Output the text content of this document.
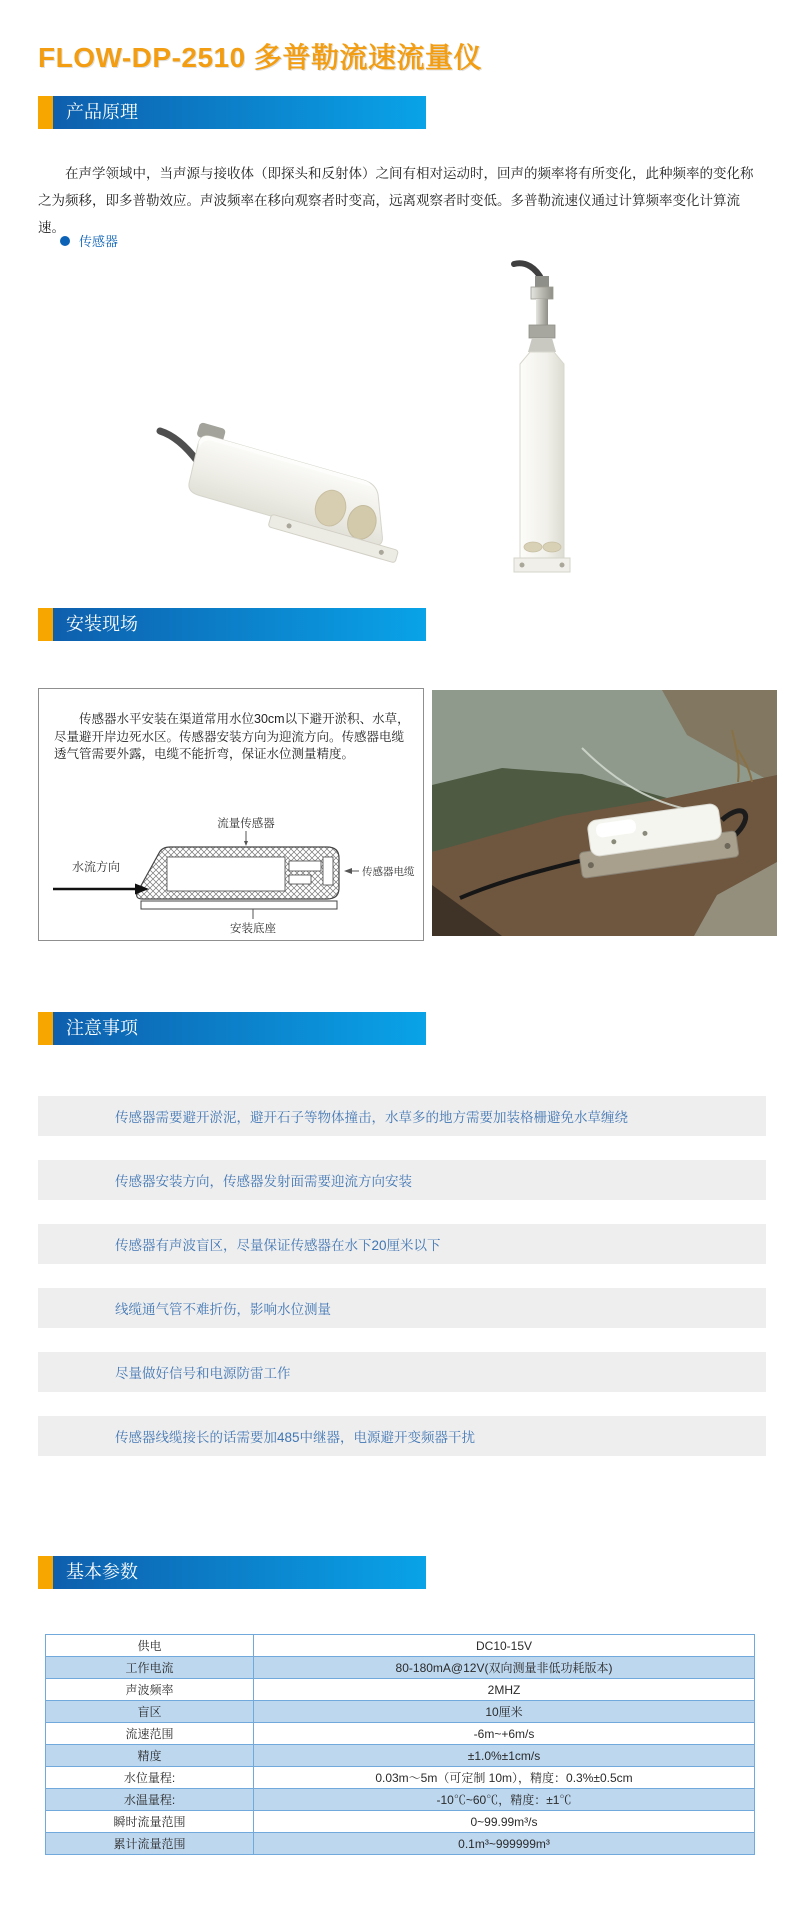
FLOW-DP-2510 多普勒流速流量仪
产品原理

在声学领域中，当声源与接收体（即探头和反射体）之间有相对运动时，回声的频率将有所变化，此种频率的变化称之为频移，即多普勒效应。声波频率在移向观察者时变高，远离观察者时变低。多普勒流速仪通过计算频率变化计算流速。

传感器
安装现场

传感器水平安装在渠道常用水位30cm以下避开淤积、水草，尽量避开岸边死水区。传感器安装方向为迎流方向。传感器电缆透气管需要外露，电缆不能折弯，保证水位测量精度。

流量传感器
安装底座
水流方向	传感器电缆
注意事项
传感器需要避开淤泥，避开石子等物体撞击，水草多的地方需要加装格栅避免水草缠绕
传感器安装方向，传感器发射面需要迎流方向安装
传感器有声波盲区，尽量保证传感器在水下20厘米以下
线缆通气管不难折伤，影响水位测量
尽量做好信号和电源防雷工作
传感器线缆接长的话需要加485中继器，电源避开变频器干扰
基本参数
供电	DC10-15V
工作电流	80-180mA@12V(双向测量非低功耗版本)
声波频率	2MHZ
盲区	10厘米
流速范围	-6m~+6m/s
精度	±1.0%±1cm/s
水位量程:	0.03m～5m（可定制 10m），精度：0.3%±0.5cm
水温量程:	-10℃~60℃，精度：±1℃
瞬时流量范围	0~99.99m³/s
累计流量范围	0.1m³~999999m³
